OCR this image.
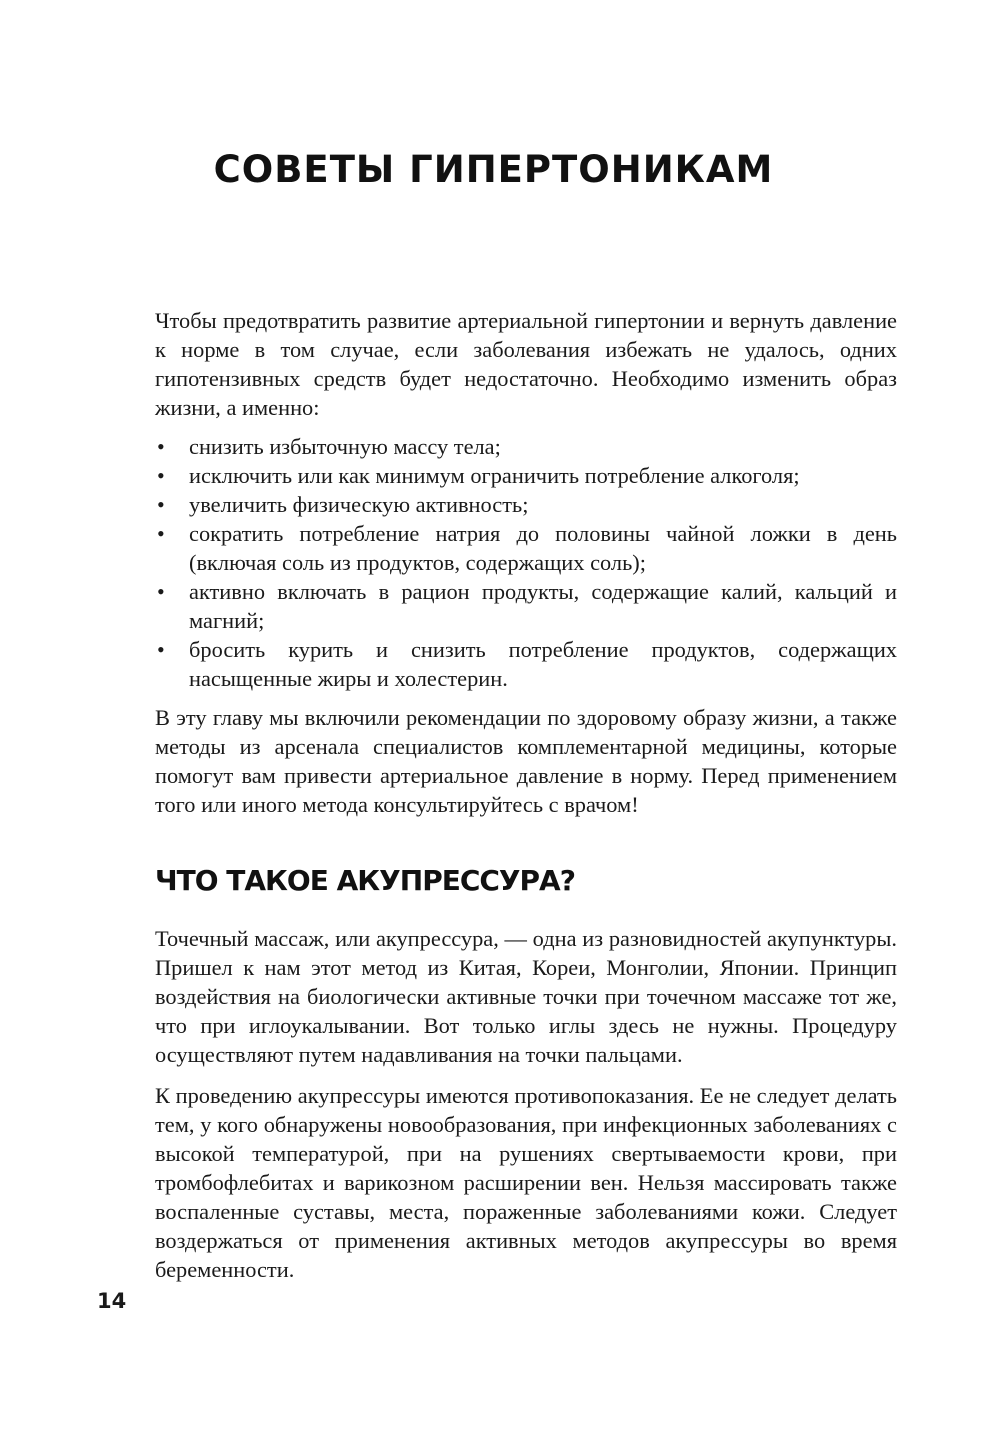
СОВЕТЫ ГИПЕРТОНИКАМ

Чтобы предотвратить развитие артериальной гипертонии и вернуть давление к норме в том случае, если заболевания избежать не удалось, одних гипотензивных средств будет недостаточно. Необходимо изменить образ жизни, а именно:

• снизить избыточную массу тела;
• исключить или как минимум ограничить потребление алкоголя;
• увеличить физическую активность;
• сократить потребление натрия до половины чайной ложки в день (включая соль из продуктов, содержащих соль);
• активно включать в рацион продукты, содержащие калий, кальций и магний;
• бросить курить и снизить потребление продуктов, содержащих насыщенные жиры и холестерин.

В эту главу мы включили рекомендации по здоровому образу жизни, а также методы из арсенала специалистов комплементарной медицины, которые помогут вам привести артериальное давление в норму. Перед применением того или иного метода консультируйтесь с врачом!

ЧТО ТАКОЕ АКУПРЕССУРА?

Точечный массаж, или акупрессура, — одна из разновидностей акупунктуры. Пришел к нам этот метод из Китая, Кореи, Монголии, Японии. Принцип воздействия на биологически активные точки при точечном массаже тот же, что при иглоукалывании. Вот только иглы здесь не нужны. Процедуру осуществляют путем надавливания на точки пальцами.

К проведению акупрессуры имеются противопоказания. Ее не следует делать тем, у кого обнаружены новообразования, при инфекционных заболеваниях с высокой температурой, при на рушениях свертываемости крови, при тромбофлебитах и варикозном расширении вен. Нельзя массировать также воспаленные суставы, места, пораженные заболеваниями кожи. Следует воздержаться от применения активных методов акупрессуры во время беременности.

14
